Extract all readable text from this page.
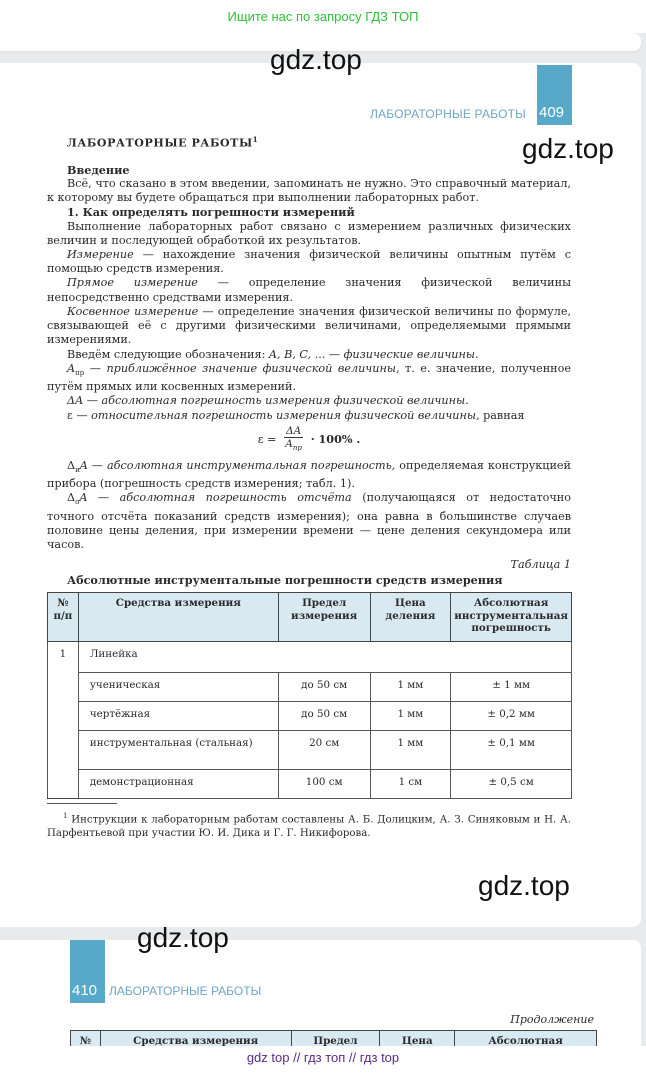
Ищите нас по запросу ГДЗ ТОП
gdz.top
409
ЛАБОРАТОРНЫЕ РАБОТЫ
gdz.top
ЛАБОРАТОРНЫЕ РАБОТЫ$^1$
Введение

Всё, что сказано в этом введении, запоминать не нужно. Это справочный материал, к которому вы будете обращаться при выполнении лабораторных работ.

1. Как определять погрешности измерений

Выполнение лабораторных работ связано с измерением различных физических величин и последующей обработкой их результатов.

Измерение — нахождение значения физической величины опытным путём с помощью средств измерения.

Прямое измерение — определение значения физической величины непосредственно средствами измерения.

Косвенное измерение — определение значения физической величины по формуле, связывающей её с другими физическими величинами, определяемыми прямыми измерениями.

Введём следующие обозначения: A, B, C, ... — физические величины.

$A_{пр}$ — приближённое значение физической величины, т. е. значение, полученное путём прямых или косвенных измерений.

ΔA — абсолютная погрешность измерения физической величины.

ε — относительная погрешность измерения физической величины, равная

$\varepsilon = \frac{\Delta A}{A_{пр}} \cdot 100\%$ .

$\Delta_иA$ — абсолютная инструментальная погрешность, определяемая конструкцией прибора (погрешность средств измерения; табл. 1).

$\Delta_оA$ — абсолютная погрешность отсчёта (получающаяся от недостаточно точного отсчёта показаний средств измерения); она равна в большинстве случаев половине цены деления, при измерении времени — цене деления секундомера или часов.

Таблица 1
Абсолютные инструментальные погрешности средств измерения
№ п/п	Средства измерения	Предел измерения	Цена деления	Абсолютная инструментальная погрешность
1	Линейка			
	ученическая	до 50 см	1 мм	± 1 мм
	чертёжная	до 50 см	1 мм	± 0,2 мм
	инструментальная (стальная)	20 см	1 мм	± 0,1 мм
	демонстрационная	100 см	1 см	± 0,5 см
$^1$ Инструкции к лабораторным работам составлены А. Б. Долицким, А. З. Синяковым и Н. А. Парфентьевой при участии Ю. И. Дика и Г. Г. Никифорова.
gdz.top
410 ЛАБОРАТОРНЫЕ РАБОТЫ
Продолжение
№	Средства измерения	Предел	Цена	Абсолютная
gdz.top
gdz top // гдз топ // гдз top
